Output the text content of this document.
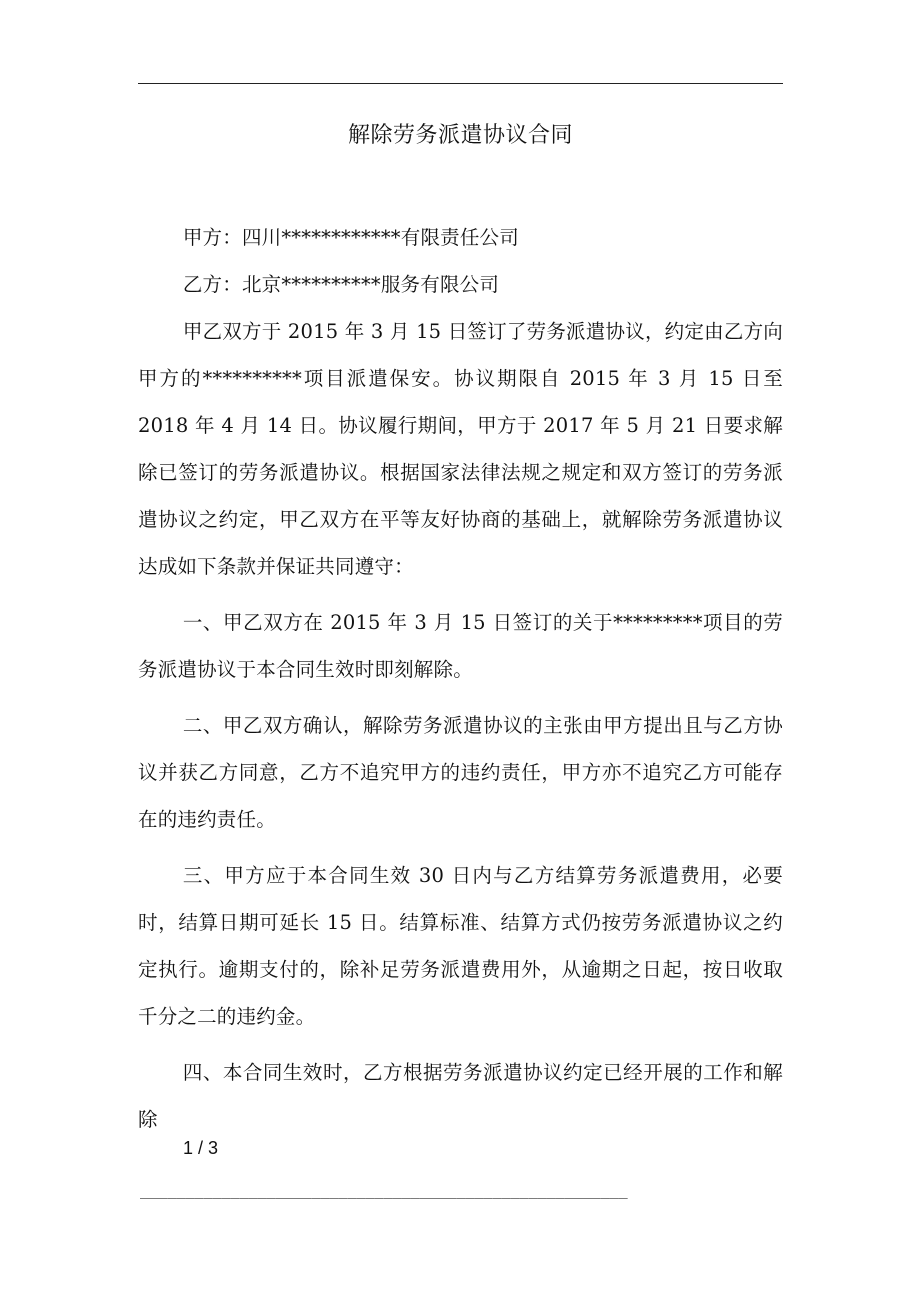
解除劳务派遣协议合同

甲方：四川************有限责任公司

乙方：北京**********服务有限公司

甲乙双方于 2015 年 3 月 15 日签订了劳务派遣协议，约定由乙方向甲方的**********项目派遣保安。协议期限自 2015 年 3 月 15 日至 2018 年 4 月 14 日。协议履行期间，甲方于 2017 年 5 月 21 日要求解除已签订的劳务派遣协议。根据国家法律法规之规定和双方签订的劳务派遣协议之约定，甲乙双方在平等友好协商的基础上，就解除劳务派遣协议达成如下条款并保证共同遵守：

一、甲乙双方在 2015 年 3 月 15 日签订的关于*********项目的劳务派遣协议于本合同生效时即刻解除。

二、甲乙双方确认，解除劳务派遣协议的主张由甲方提出且与乙方协议并获乙方同意，乙方不追究甲方的违约责任，甲方亦不追究乙方可能存在的违约责任。

三、甲方应于本合同生效 30 日内与乙方结算劳务派遣费用，必要时，结算日期可延长 15 日。结算标准、结算方式仍按劳务派遣协议之约定执行。逾期支付的，除补足劳务派遣费用外，从逾期之日起，按日收取千分之二的违约金。

四、本合同生效时，乙方根据劳务派遣协议约定已经开展的工作和解除

1 / 3
______________________________________________________
